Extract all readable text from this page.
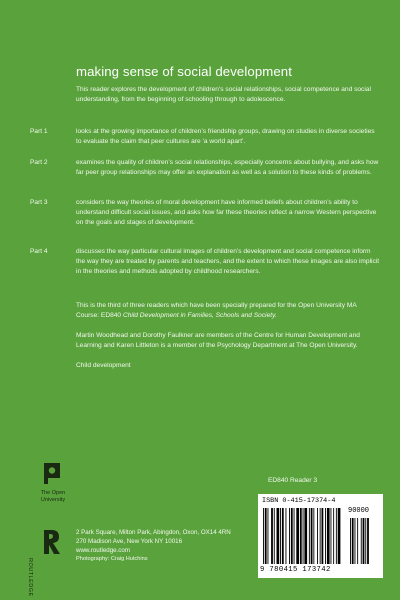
making sense of social development
This reader explores the development of children’s social relationships, social competence and social understanding, from the beginning of schooling through to adolescence.
Part 1	looks at the growing importance of children’s friendship groups, drawing on studies in diverse societies to evaluate the claim that peer cultures are ‘a world apart’.
Part 2	examines the quality of children’s social relationships, especially concerns about bullying, and asks how far peer group relationships may offer an explanation as well as a solution to these kinds of problems.
Part 3	considers the way theories of moral development have informed beliefs about children’s ability to understand difficult social issues, and asks how far these theories reflect a narrow Western perspective on the goals and stages of development.
Part 4	discusses the way particular cultural images of children’s development and social competence inform the way they are treated by parents and teachers, and the extent to which these images are also implicit in the theories and methods adopted by childhood researchers.
This is the third of three readers which have been specially prepared for the Open University MA Course: ED840 Child Development in Families, Schools and Society.
Martin Woodhead and Dorothy Faulkner are members of the Centre for Human Development and Learning and Karen Littleton is a member of the Psychology Department at The Open University.
Child development
The Open
University
ROUTLEDGE
2 Park Square, Milton Park, Abingdon, Oxon, OX14 4RN
270 Madison Ave, New York NY 10016
www.routledge.com
Photography: Craig Hutchins
ED840 Reader 3
ISBN 0-415-17374-4
90000
9 780415 173742
